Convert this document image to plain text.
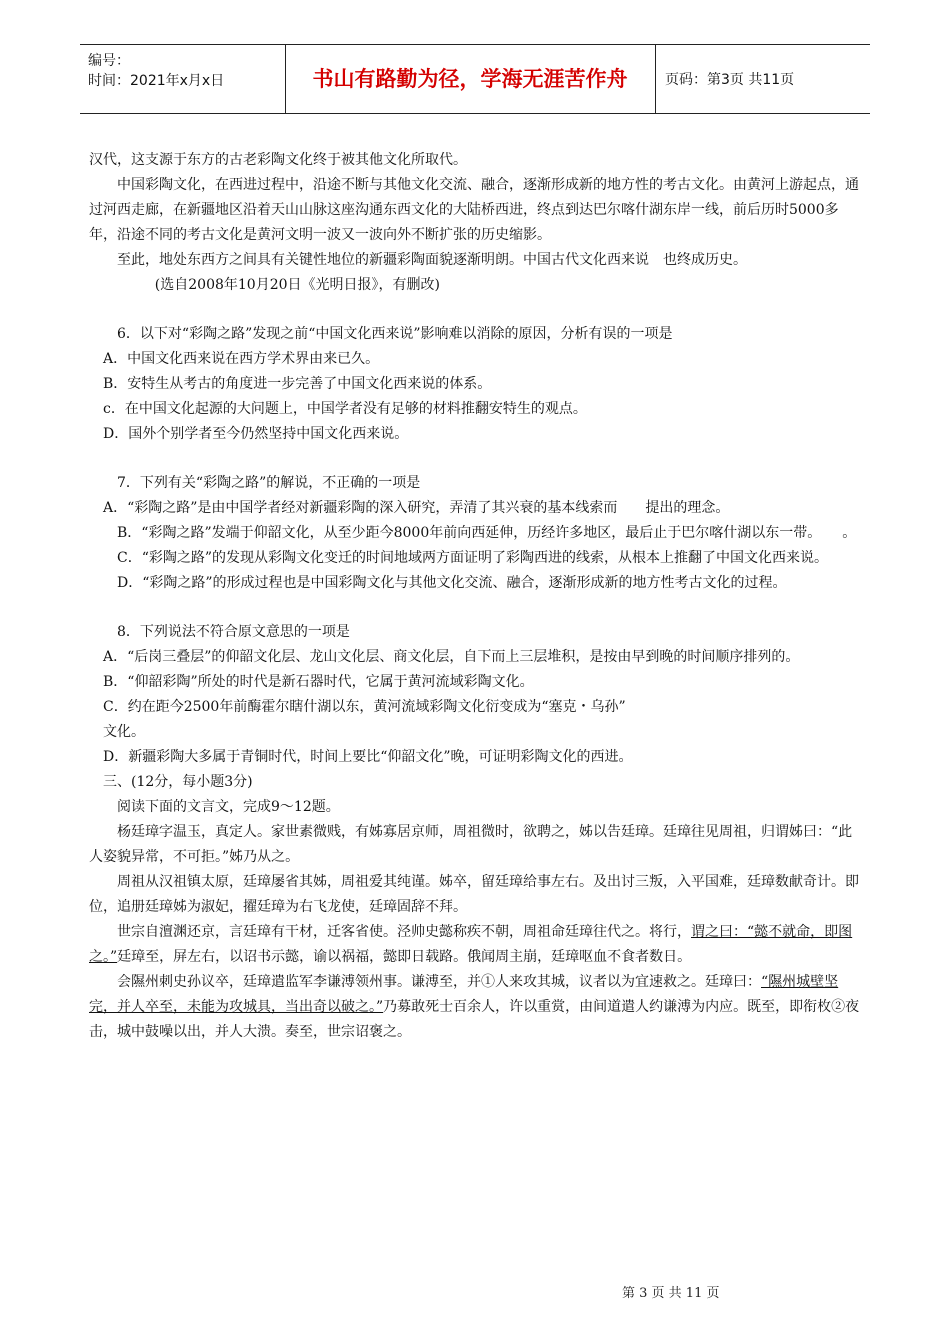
编号：
时间：2021年x月x日	书山有路勤为径，学海无涯苦作舟	页码：第3页 共11页

汉代，这支源于东方的古老彩陶文化终于被其他文化所取代。

中国彩陶文化，在西进过程中，沿途不断与其他文化交流、融合，逐渐形成新的地方性的考古文化。由黄河上游起点，通过河西走廊，在新疆地区沿着天山山脉这座沟通东西文化的大陆桥西进，终点到达巴尔喀什湖东岸一线，前后历时5000多年，沿途不同的考古文化是黄河文明一波又一波向外不断扩张的历史缩影。

至此，地处东西方之间具有关键性地位的新疆彩陶面貌逐渐明朗。中国古代文化西来说　也终成历史。

(选自2008年10月20日《光明日报》，有删改)

6．以下对“彩陶之路”发现之前“中国文化西来说”影响难以消除的原因，分析有误的一项是

A．中国文化西来说在西方学术界由来已久。

B．安特生从考古的角度进一步完善了中国文化西来说的体系。

c．在中国文化起源的大问题上，中国学者没有足够的材料推翻安特生的观点。

D．国外个别学者至今仍然坚持中国文化西来说。

7．下列有关“彩陶之路”的解说，不正确的一项是

A．“彩陶之路”是由中国学者经对新疆彩陶的深入研究，弄清了其兴衰的基本线索而　　提出的理念。

B．“彩陶之路”发端于仰韶文化，从至少距今8000年前向西延伸，历经许多地区，最后止于巴尔喀什湖以东一带。　　。

C．“彩陶之路”的发现从彩陶文化变迁的时间地域两方面证明了彩陶西进的线索，从根本上推翻了中国文化西来说。

D．“彩陶之路”的形成过程也是中国彩陶文化与其他文化交流、融合，逐渐形成新的地方性考古文化的过程。

8．下列说法不符合原文意思的一项是

A．“后岗三叠层”的仰韶文化层、龙山文化层、商文化层，自下而上三层堆积，是按由早到晚的时间顺序排列的。

B．“仰韶彩陶”所处的时代是新石器时代，它属于黄河流域彩陶文化。

C．约在距今2500年前酶霍尔瞎什湖以东，黄河流域彩陶文化衍变成为“塞克・乌孙”

文化。

D．新疆彩陶大多属于青铜时代，时间上要比“仰韶文化”晚，可证明彩陶文化的西进。

三、(12分，每小题3分)

阅读下面的文言文，完成9～12题。

杨廷璋字温玉，真定人。家世素微贱，有姊寡居京师，周祖微时，欲聘之，姊以告廷璋。廷璋往见周祖，归谓姊曰：“此人姿貌异常，不可拒。”姊乃从之。

周祖从汉祖镇太原，廷璋屡省其姊，周祖爱其纯谨。姊卒，留廷璋给事左右。及出讨三叛，入平国难，廷璋数献奇计。即位，追册廷璋姊为淑妃，擢廷璋为右飞龙使，廷璋固辞不拜。

世宗自澶渊还京，言廷璋有干材，迁客省使。泾帅史懿称疾不朝，周祖命廷璋往代之。将行，谓之曰：“懿不就命，即图之。”廷璋至，屏左右，以诏书示懿，谕以祸福，懿即日载路。俄闻周主崩，廷璋呕血不食者数日。

会隰州刺史孙议卒，廷璋遣监军李谦溥领州事。谦溥至，并①人来攻其城，议者以为宜速救之。廷璋曰：“隰州城壁坚完，并人卒至，未能为攻城具，当出奇以破之。”乃募敢死士百余人，许以重赏，由间道遣人约谦溥为内应。既至，即衔枚②夜击，城中鼓噪以出，并人大溃。奏至，世宗诏褒之。

第 3 页 共 11 页
